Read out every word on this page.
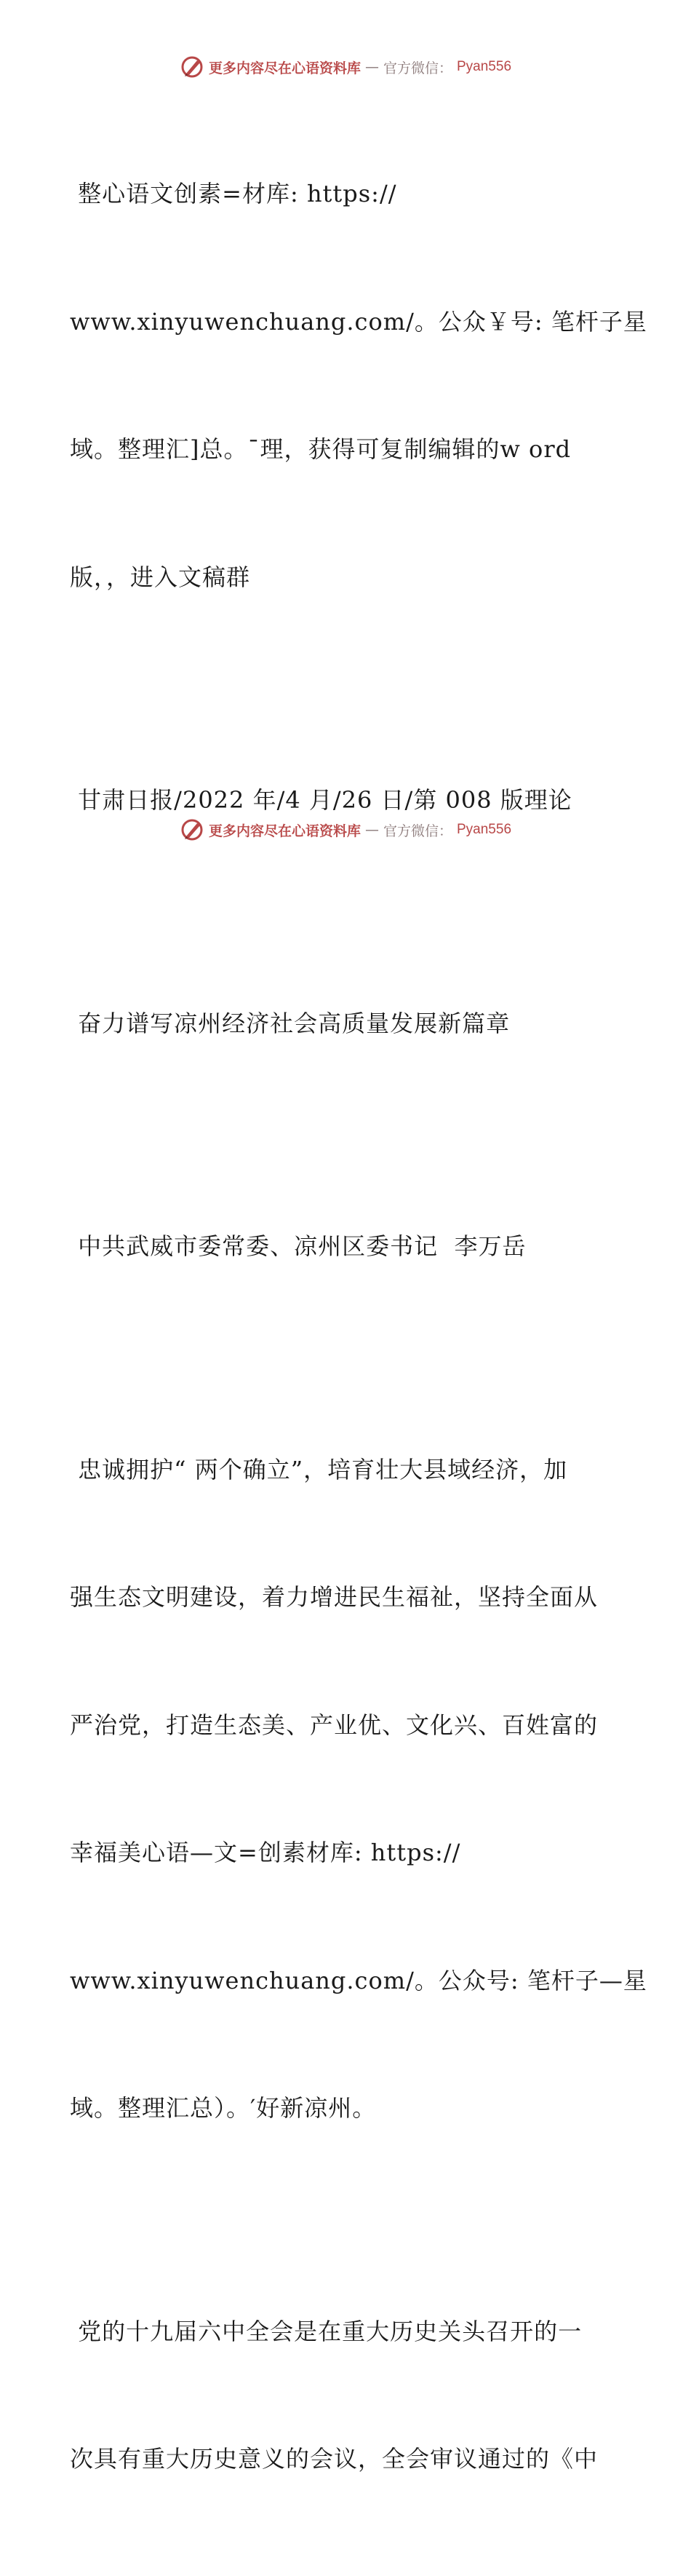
更多内容尽在心语资料库 — 官方微信： Pyan556

整心语文创素=材库: https://

www.xinyuwenchuang.com/。公众￥号: 笔杆子星

域。整理汇]总。¯理，获得可复制编辑的w ord

版，，进入文稿群

甘肃日报/2022 年/4 月/26 日/第 008 版理论

奋力谱写凉州经济社会高质量发展新篇章

中共武威市委常委、凉州区委书记  李万岳

忠诚拥护“ 两个确立”，培育壮大县域经济，加

强生态文明建设，着力增进民生福祉，坚持全面从

严治党，打造生态美、产业优、文化兴、百姓富的

幸福美心语—文=创素材库: https://

www.xinyuwenchuang.com/。公众号: 笔杆子—星

域。整理汇总）。′好新凉州。

党的十九届六中全会是在重大历史关头召开的一

次具有重大历史意义的会议，全会审议通过的《中

更多内容尽在心语资料库 — 官方微信： Pyan556
